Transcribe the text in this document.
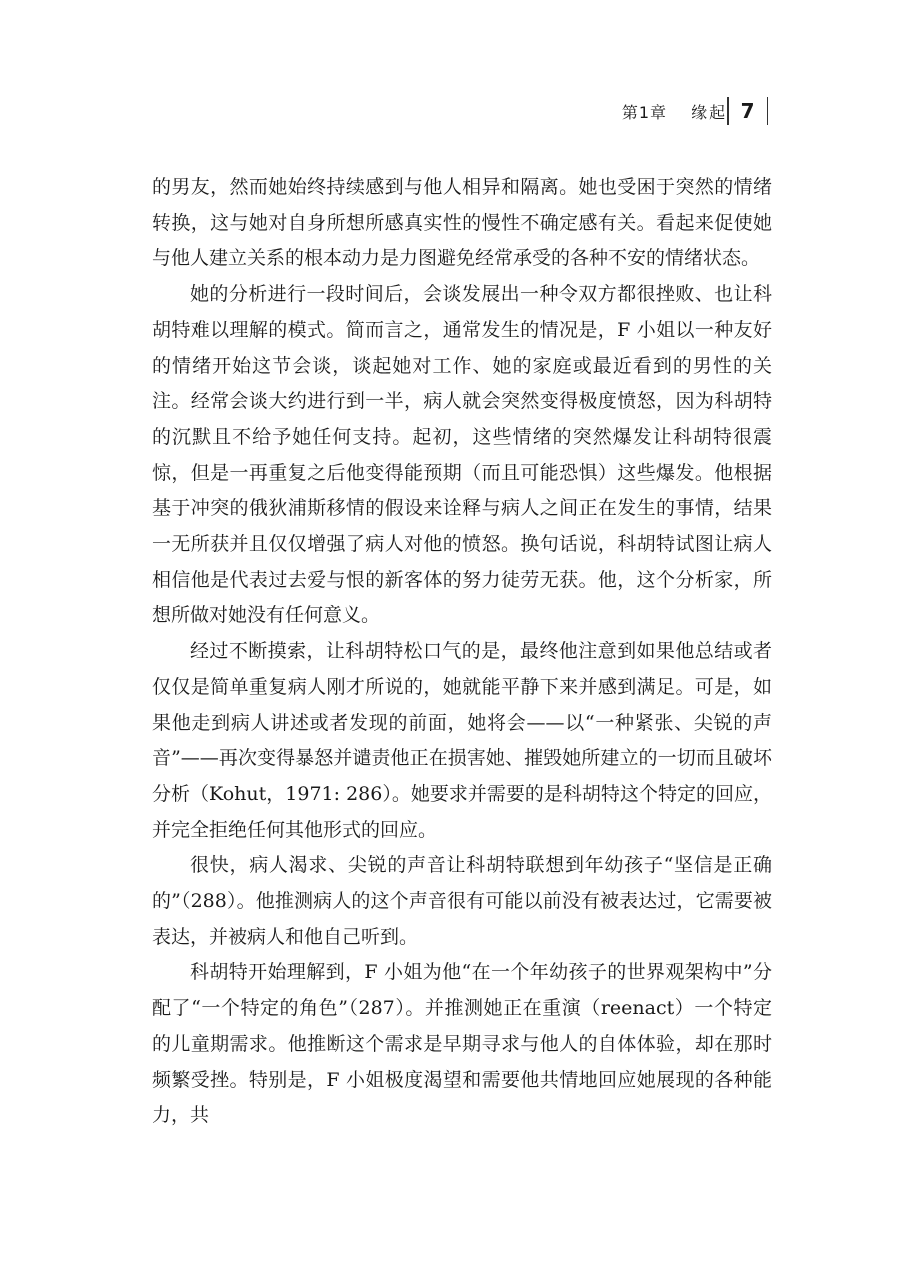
第1章 缘起 7

的男友，然而她始终持续感到与他人相异和隔离。她也受困于突然的情绪转换，这与她对自身所想所感真实性的慢性不确定感有关。看起来促使她与他人建立关系的根本动力是力图避免经常承受的各种不安的情绪状态。

她的分析进行一段时间后，会谈发展出一种令双方都很挫败、也让科胡特难以理解的模式。简而言之，通常发生的情况是，F 小姐以一种友好的情绪开始这节会谈，谈起她对工作、她的家庭或最近看到的男性的关注。经常会谈大约进行到一半，病人就会突然变得极度愤怒，因为科胡特的沉默且不给予她任何支持。起初，这些情绪的突然爆发让科胡特很震惊，但是一再重复之后他变得能预期（而且可能恐惧）这些爆发。他根据基于冲突的俄狄浦斯移情的假设来诠释与病人之间正在发生的事情，结果一无所获并且仅仅增强了病人对他的愤怒。换句话说，科胡特试图让病人相信他是代表过去爱与恨的新客体的努力徒劳无获。他，这个分析家，所想所做对她没有任何意义。

经过不断摸索，让科胡特松口气的是，最终他注意到如果他总结或者仅仅是简单重复病人刚才所说的，她就能平静下来并感到满足。可是，如果他走到病人讲述或者发现的前面，她将会——以“一种紧张、尖锐的声音”——再次变得暴怒并谴责他正在损害她、摧毁她所建立的一切而且破坏分析（Kohut，1971: 286）。她要求并需要的是科胡特这个特定的回应，并完全拒绝任何其他形式的回应。

很快，病人渴求、尖锐的声音让科胡特联想到年幼孩子“坚信是正确的”（288）。他推测病人的这个声音很有可能以前没有被表达过，它需要被表达，并被病人和他自己听到。

科胡特开始理解到，F 小姐为他“在一个年幼孩子的世界观架构中”分配了“一个特定的角色”（287）。并推测她正在重演（reenact）一个特定的儿童期需求。他推断这个需求是早期寻求与他人的自体体验，却在那时频繁受挫。特别是，F 小姐极度渴望和需要他共情地回应她展现的各种能力，共
